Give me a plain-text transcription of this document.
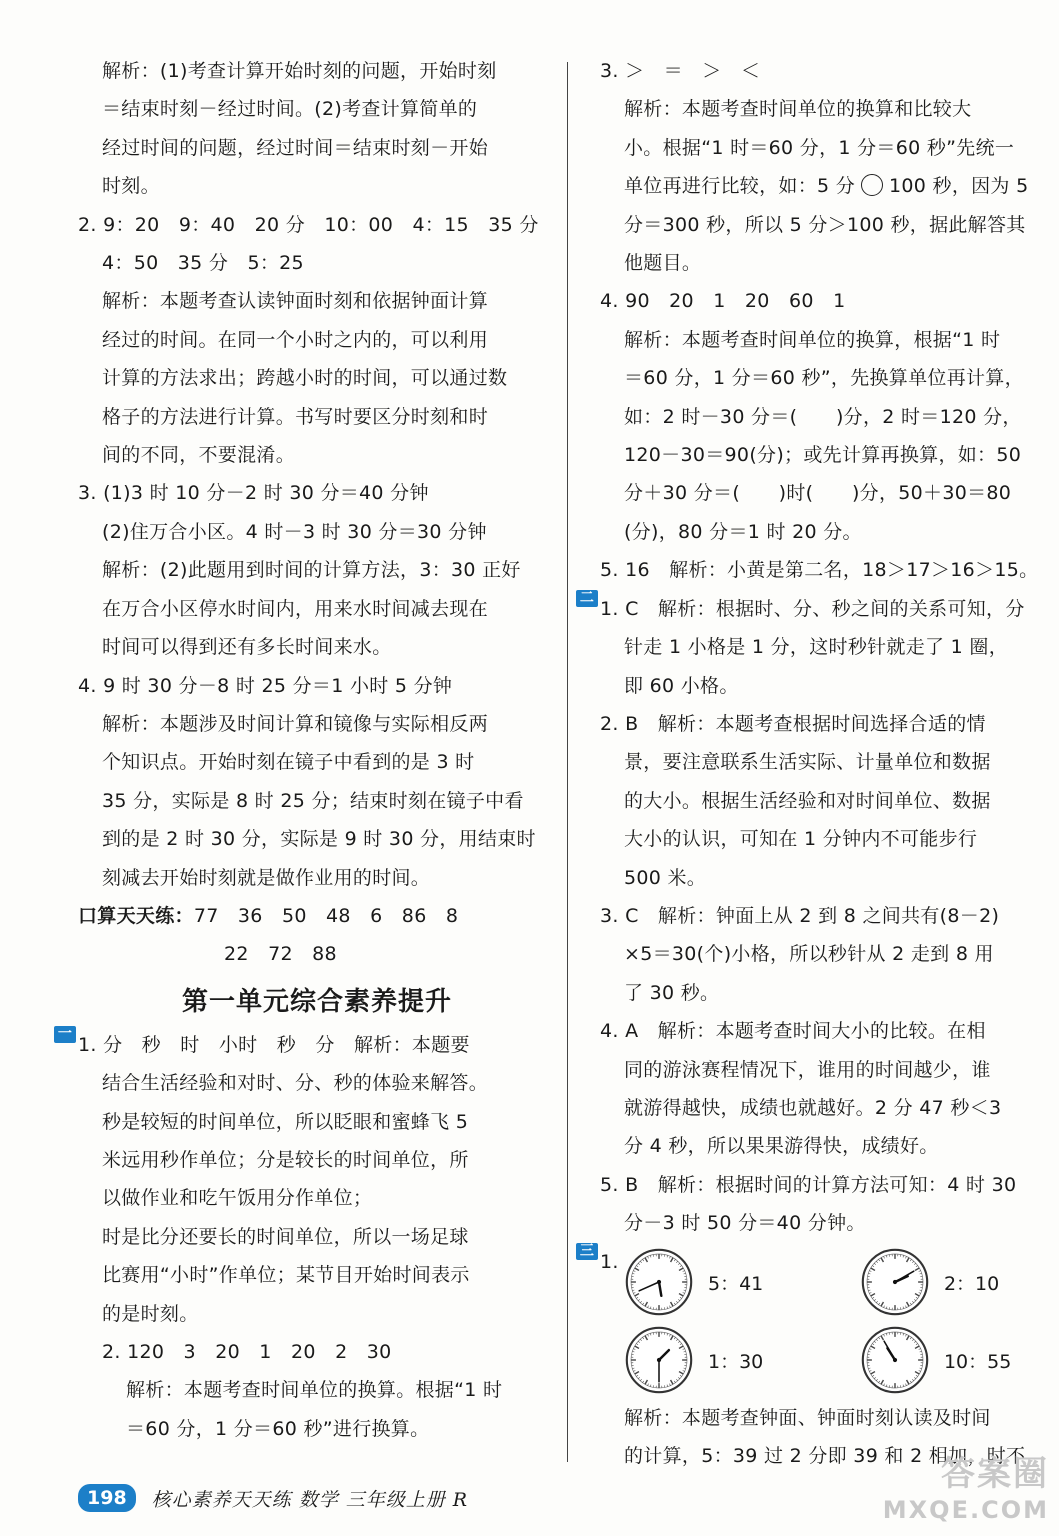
解析：(1)考查计算开始时刻的问题，开始时刻

＝结束时刻－经过时间。(2)考查计算简单的

经过时间的问题，经过时间＝结束时刻－开始

时刻。

2. 9：20　9：40　20 分　10：00　4：15　35 分

4：50　35 分　5：25

解析：本题考查认读钟面时刻和依据钟面计算

经过的时间。在同一个小时之内的，可以利用

计算的方法求出；跨越小时的时间，可以通过数

格子的方法进行计算。书写时要区分时刻和时

间的不同，不要混淆。

3. (1)3 时 10 分－2 时 30 分＝40 分钟

(2)住万合小区。4 时－3 时 30 分＝30 分钟

解析：(2)此题用到时间的计算方法，3：30 正好

在万合小区停水时间内，用来水时间减去现在

时间可以得到还有多长时间来水。

4. 9 时 30 分－8 时 25 分＝1 小时 5 分钟

解析：本题涉及时间计算和镜像与实际相反两

个知识点。开始时刻在镜子中看到的是 3 时

35 分，实际是 8 时 25 分；结束时刻在镜子中看

到的是 2 时 30 分，实际是 9 时 30 分，用结束时

刻减去开始时刻就是做作业用的时间。

口算天天练：77　36　50　48　6　86　8

22　72　88

第一单元综合素养提升

一 1. 分　秒　时　小时　秒　分　解析：本题要

结合生活经验和对时、分、秒的体验来解答。

秒是较短的时间单位，所以眨眼和蜜蜂飞 5

米远用秒作单位；分是较长的时间单位，所

以做作业和吃午饭用分作单位；

时是比分还要长的时间单位，所以一场足球

比赛用“小时”作单位；某节目开始时间表示

的是时刻。

2. 120　3　20　1　20　2　30

解析：本题考查时间单位的换算。根据“1 时

＝60 分，1 分＝60 秒”进行换算。

3. ＞　＝　＞　＜

解析：本题考查时间单位的换算和比较大

小。根据“1 时＝60 分，1 分＝60 秒”先统一

单位再进行比较，如：5 分 100 秒，因为 5

分＝300 秒，所以 5 分＞100 秒，据此解答其

他题目。

4. 90　20　1　20　60　1

解析：本题考查时间单位的换算，根据“1 时

＝60 分，1 分＝60 秒”，先换算单位再计算，

如：2 时－30 分＝(　　)分，2 时＝120 分，

120－30＝90(分)；或先计算再换算，如：50

分＋30 分＝(　　)时(　　)分，50＋30＝80

(分)，80 分＝1 时 20 分。

5. 16　解析：小黄是第二名，18＞17＞16＞15。

二 1. C　解析：根据时、分、秒之间的关系可知，分

针走 1 小格是 1 分，这时秒针就走了 1 圈，

即 60 小格。

2. B　解析：本题考查根据时间选择合适的情

景，要注意联系生活实际、计量单位和数据

的大小。根据生活经验和对时间单位、数据

大小的认识，可知在 1 分钟内不可能步行

500 米。

3. C　解析：钟面上从 2 到 8 之间共有(8－2)

×5＝30(个)小格，所以秒针从 2 走到 8 用

了 30 秒。

4. A　解析：本题考查时间大小的比较。在相

同的游泳赛程情况下，谁用的时间越少，谁

就游得越快，成绩也就越好。2 分 47 秒＜3

分 4 秒，所以果果游得快，成绩好。

5. B　解析：根据时间的计算方法可知：4 时 30

分－3 时 50 分＝40 分钟。

三 1.

5：41	2：10
1：30	10：55

解析：本题考查钟面、钟面时刻认读及时间

的计算，5：39 过 2 分即 39 和 2 相加，时不

198	核心素养天天练 数学 三年级上册 R
答案圈
MXQE.COM
